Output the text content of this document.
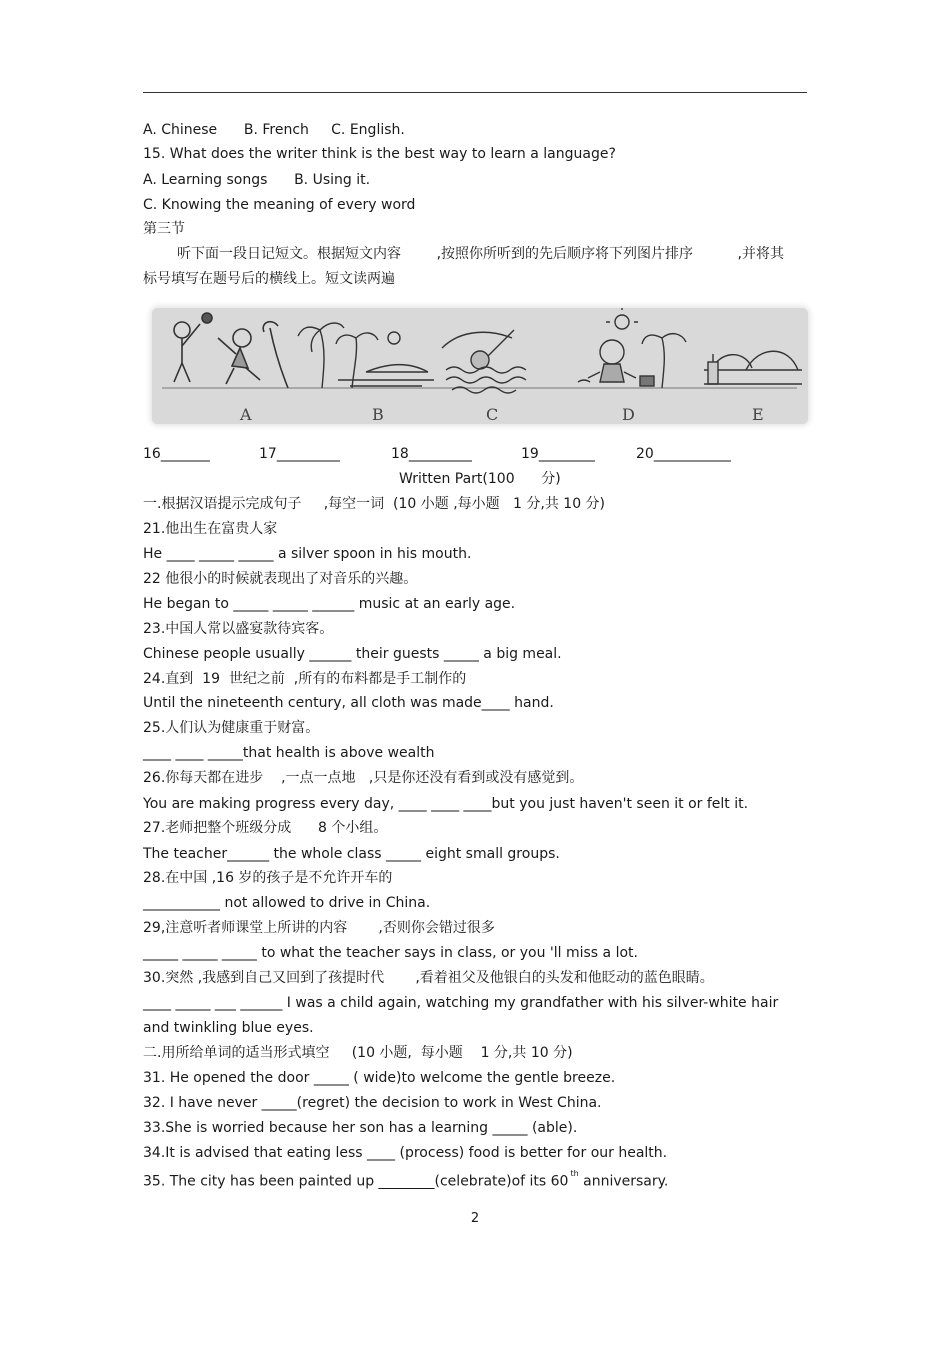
A. Chinese      B. French     C. English.
15. What does the writer think is the best way to learn a language?
A. Learning songs      B. Using it.
C. Knowing the meaning of every word
第三节
听下面一段日记短文。根据短文内容        ,按照你所听到的先后顺序将下列图片排序          ,并将其
标号填写在题号后的横线上。短文读两遍
A	B	C	D	E
16_______	17_________	18_________	19________	20___________
Written Part(100      分)
一.根据汉语提示完成句子     ,每空一词  (10 小题 ,每小题   1 分,共 10 分)
21.他出生在富贵人家
He ____ _____ _____ a silver spoon in his mouth.
22 他很小的时候就表现出了对音乐的兴趣。
He began to _____ _____ ______ music at an early age.
23.中国人常以盛宴款待宾客。
Chinese people usually ______ their guests _____ a big meal.
24.直到  19  世纪之前  ,所有的布料都是手工制作的
Until the nineteenth century, all cloth was made____ hand.
25.人们认为健康重于财富。
____ ____ _____that health is above wealth
26.你每天都在进步    ,一点一点地   ,只是你还没有看到或没有感觉到。
You are making progress every day, ____ ____ ____but you just haven't seen it or felt it.
27.老师把整个班级分成      8 个小组。
The teacher______ the whole class _____ eight small groups.
28.在中国 ,16 岁的孩子是不允许开车的
___________ not allowed to drive in China.
29,注意听者师课堂上所讲的内容       ,否则你会错过很多
_____ _____ _____ to what the teacher says in class, or you 'll miss a lot.
30.突然 ,我感到自己又回到了孩提时代       ,看着祖父及他银白的头发和他眨动的蓝色眼睛。
____ _____ ___ ______ I was a child again, watching my grandfather with his silver-white hair
and twinkling blue eyes.
二.用所给单词的适当形式填空     (10 小题,  每小题    1 分,共 10 分)
31. He opened the door _____ ( wide)to welcome the gentle breeze.
32. I have never _____(regret) the decision to work in West China.
33.She is worried because her son has a learning _____ (able).
34.It is advised that eating less ____ (process) food is better for our health.
35. The city has been painted up ________(celebrate)of its 60th anniversary.
2
